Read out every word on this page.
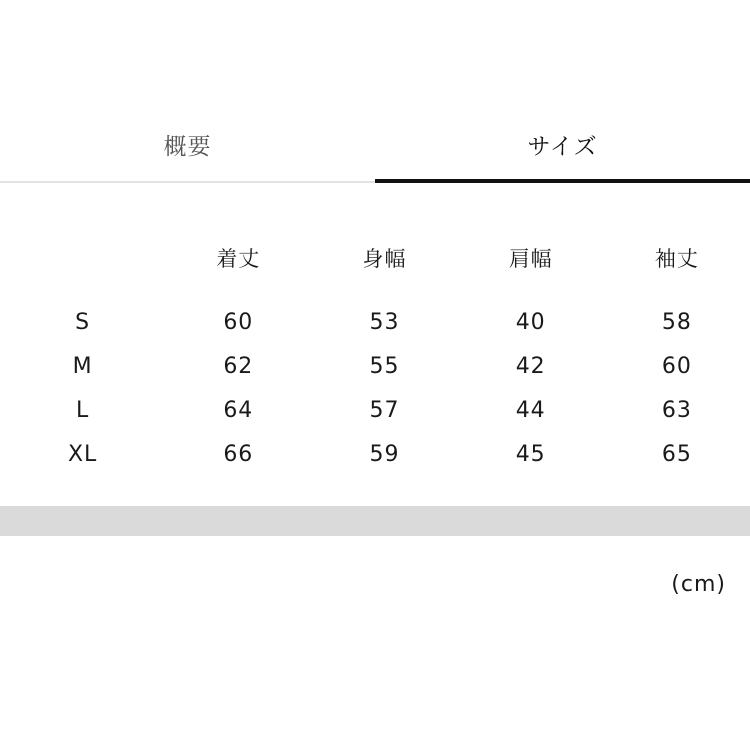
概要	サイズ
	着丈	身幅	肩幅	袖丈
S	60	53	40	58
M	62	55	42	60
L	64	57	44	63
XL	66	59	45	65
(cm)
